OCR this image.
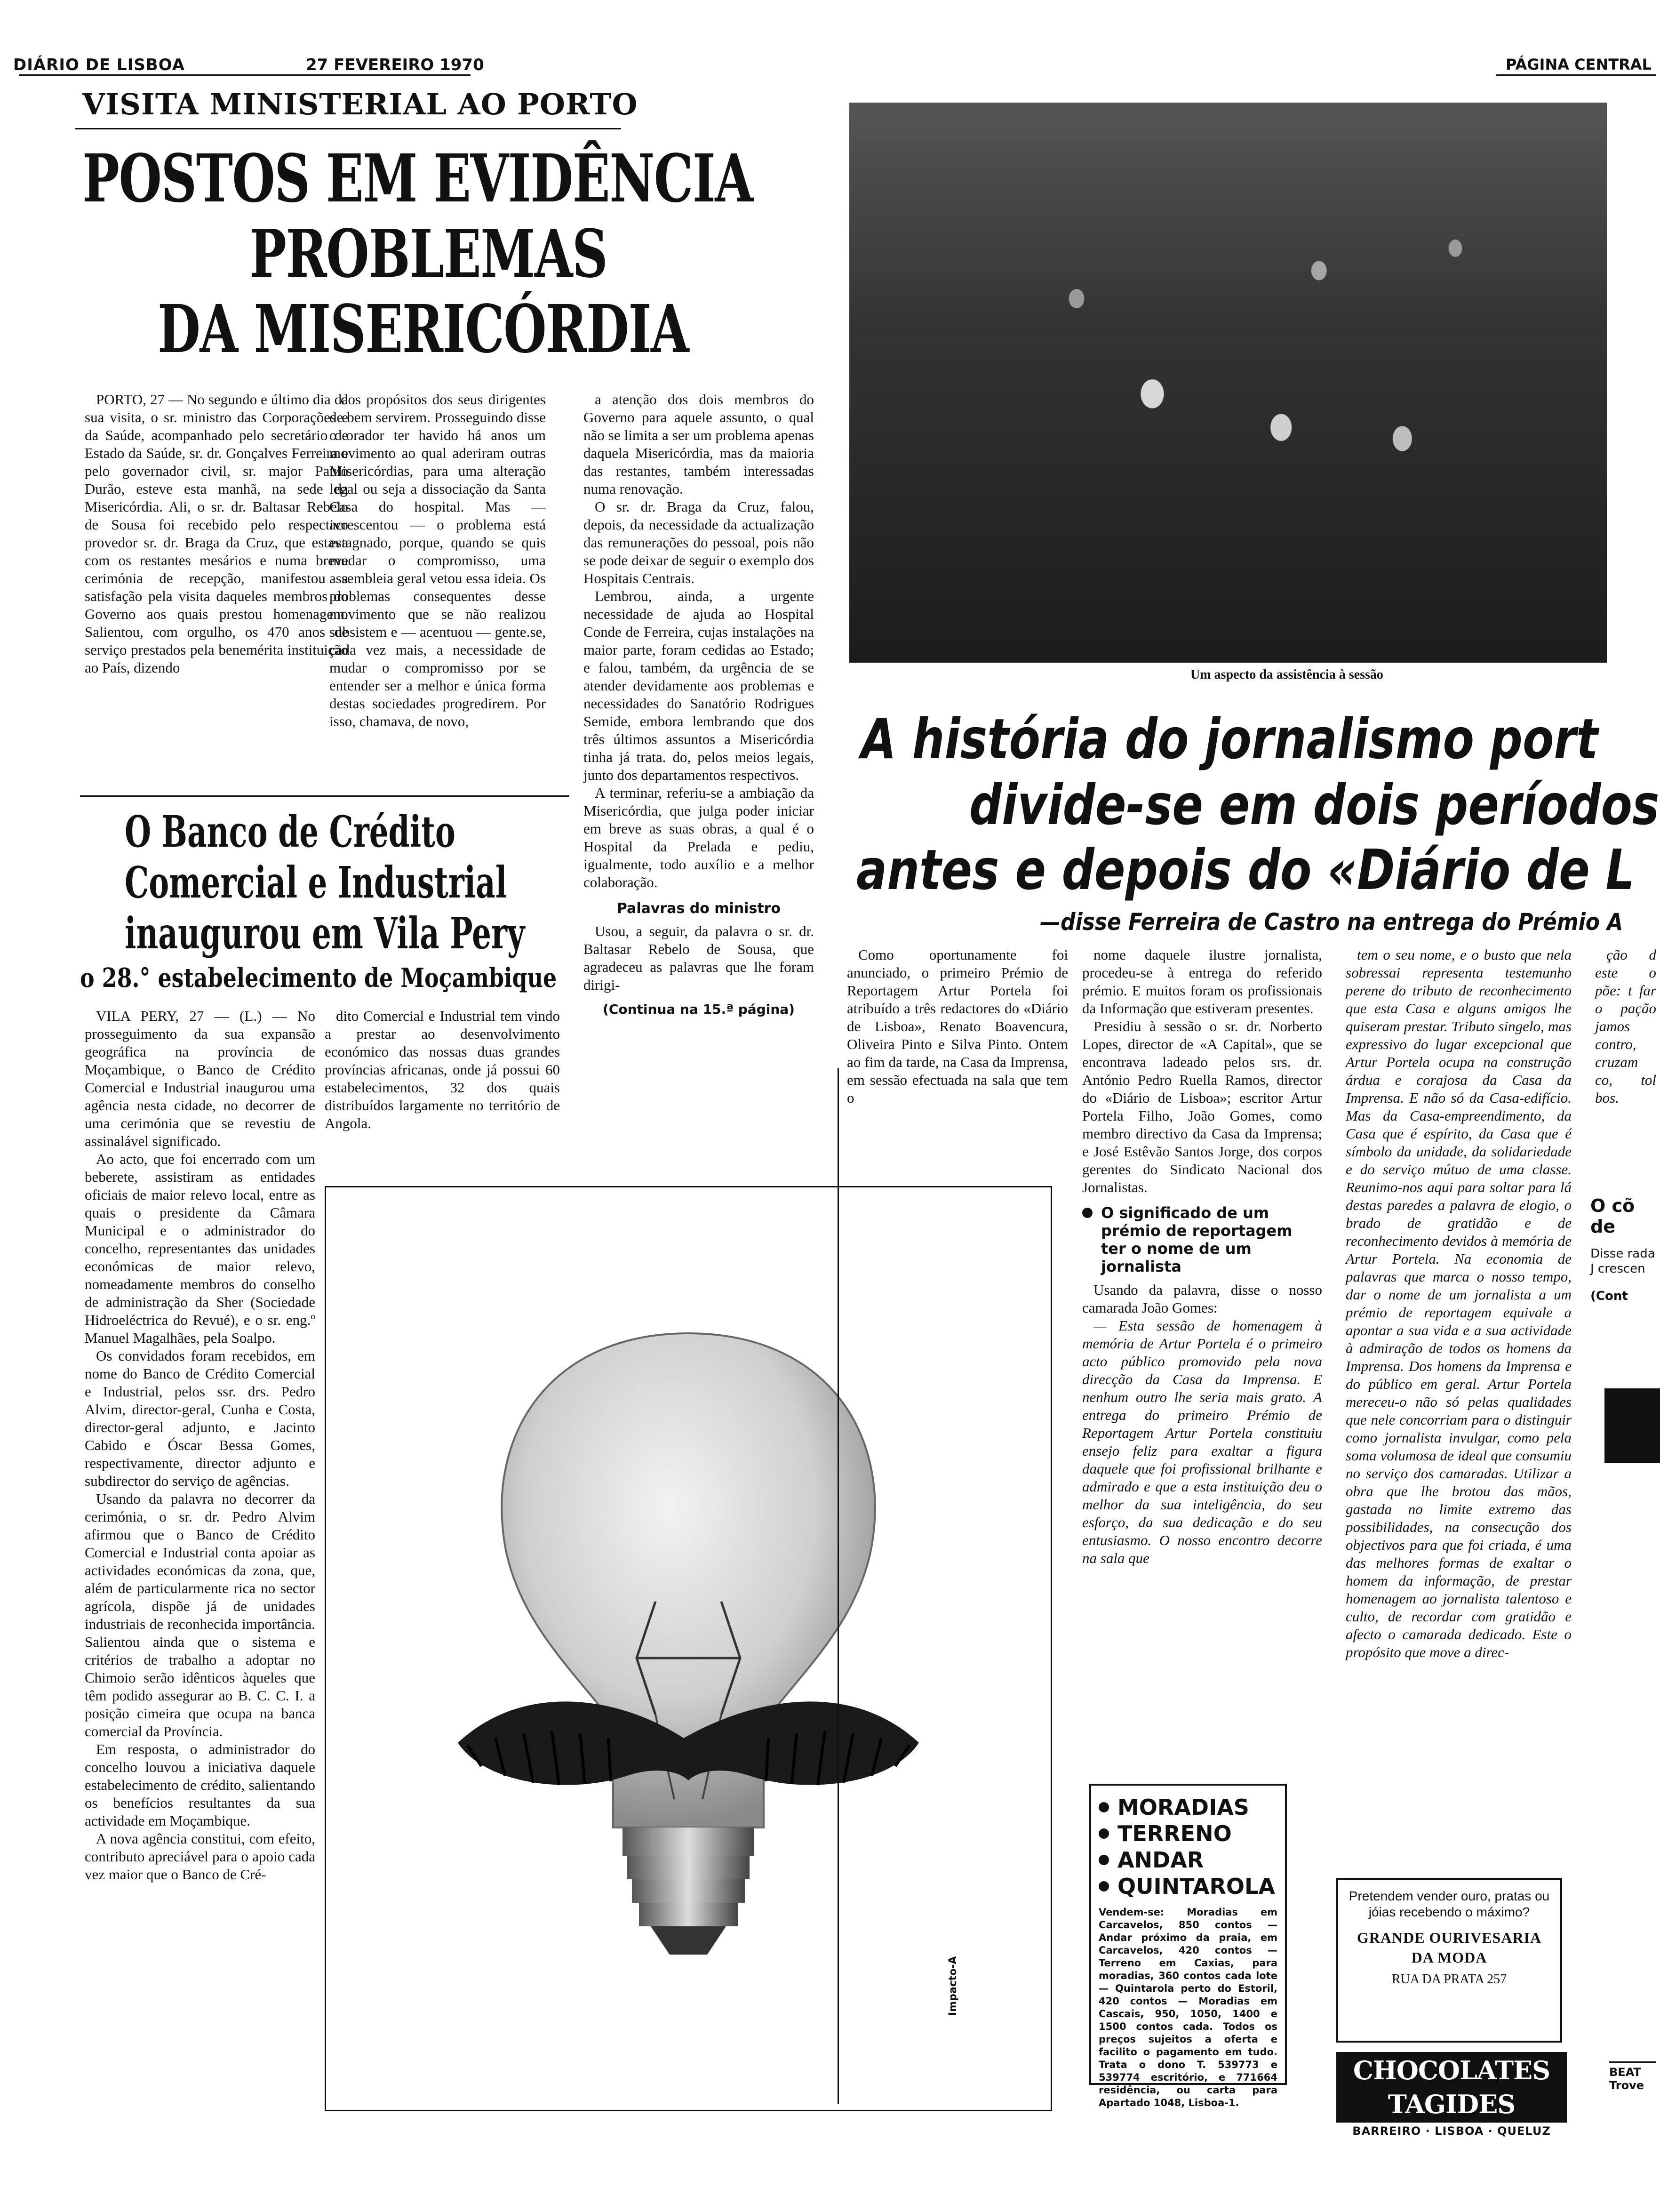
DIÁRIO DE LISBOA	27 FEVEREIRO 1970	PÁGINA CENTRAL
VISITA MINISTERIAL AO PORTO
POSTOS EM EVIDÊNCIA
PROBLEMAS
DA MISERICÓRDIA

PORTO, 27 — No segundo e último dia da sua visita, o sr. ministro das Corporações e da Saúde, acompanhado pelo secretário de Estado da Saúde, sr. dr. Gonçalves Ferreira e pelo governador civil, sr. major Paulo Durão, esteve esta manhã, na sede da Misericórdia. Ali, o sr. dr. Baltasar Rebelo de Sousa foi recebido pelo respectivo provedor sr. dr. Braga da Cruz, que estava com os restantes mesários e numa breve cerimónia de recepção, manifestou a satisfação pela visita daqueles membros do Governo aos quais prestou homenagem. Salientou, com orgulho, os 470 anos de serviço prestados pela benemérita instituição ao País, dizendo

dos propósitos dos seus dirigentes de bem servirem. Prosseguindo disse o orador ter havido há anos um movimento ao qual aderiram outras Misericórdias, para uma alteração legal ou seja a dissociação da Santa Casa do hospital. Mas — acrescentou — o problema está estagnado, porque, quando se quis mudar o compromisso, uma assembleia geral vetou essa ideia. Os problemas consequentes desse movimento que se não realizou subsistem e — acentuou — gente.se, cada vez mais, a necessidade de mudar o compromisso por se entender ser a melhor e única forma destas sociedades progredirem. Por isso, chamava, de novo,

a atenção dos dois membros do Governo para aquele assunto, o qual não se limita a ser um problema apenas daquela Misericórdia, mas da maioria das restantes, também interessadas numa renovação.

O sr. dr. Braga da Cruz, falou, depois, da necessidade da actualização das remunerações do pessoal, pois não se pode deixar de seguir o exemplo dos Hospitais Centrais.

Lembrou, ainda, a urgente necessidade de ajuda ao Hospital Conde de Ferreira, cujas instalações na maior parte, foram cedidas ao Estado; e falou, também, da urgência de se atender devidamente aos problemas e necessidades do Sanatório Rodrigues Semide, embora lembrando que dos três últimos assuntos a Misericórdia tinha já trata. do, pelos meios legais, junto dos departamentos respectivos.

A terminar, referiu-se a ambiação da Misericórdia, que julga poder iniciar em breve as suas obras, a qual é o Hospital da Prelada e pediu, igualmente, todo auxílio e a melhor colaboração.

Palavras do ministro

Usou, a seguir, da palavra o sr. dr. Baltasar Rebelo de Sousa, que agradeceu as palavras que lhe foram dirigi-

(Continua na 15.ª página)
O Banco de Crédito
Comercial e Industrial
inaugurou em Vila Pery
o 28.° estabelecimento de Moçambique

VILA PERY, 27 — (L.) — No prosseguimento da sua expansão geográfica na província de Moçambique, o Banco de Crédito Comercial e Industrial inaugurou uma agência nesta cidade, no decorrer de uma cerimónia que se revestiu de assinalável significado.

Ao acto, que foi encerrado com um beberete, assistiram as entidades oficiais de maior relevo local, entre as quais o presidente da Câmara Municipal e o administrador do concelho, representantes das unidades económicas de maior relevo, nomeadamente membros do conselho de administração da Sher (Sociedade Hidroeléctrica do Revué), e o sr. eng.º Manuel Magalhães, pela Soalpo.

Os convidados foram recebidos, em nome do Banco de Crédito Comercial e Industrial, pelos ssr. drs. Pedro Alvim, director-geral, Cunha e Costa, director-geral adjunto, e Jacinto Cabido e Óscar Bessa Gomes, respectivamente, director adjunto e subdirector do serviço de agências.

Usando da palavra no decorrer da cerimónia, o sr. dr. Pedro Alvim afirmou que o Banco de Crédito Comercial e Industrial conta apoiar as actividades económicas da zona, que, além de particularmente rica no sector agrícola, dispõe já de unidades industriais de reconhecida importância. Salientou ainda que o sistema e critérios de trabalho a adoptar no Chimoio serão idênticos àqueles que têm podido assegurar ao B. C. C. I. a posição cimeira que ocupa na banca comercial da Província.

Em resposta, o administrador do concelho louvou a iniciativa daquele estabelecimento de crédito, salientando os benefícios resultantes da sua actividade em Moçambique.

A nova agência constitui, com efeito, contributo apreciável para o apoio cada vez maior que o Banco de Cré-

dito Comercial e Industrial tem vindo a prestar ao desenvolvimento económico das nossas duas grandes províncias africanas, onde já possui 60 estabelecimentos, 32 dos quais distribuídos largamente no território de Angola.

Impacto-A
Um aspecto da assistência à sessão
A história do jornalismo port
divide-se em dois períodos
antes e depois do «Diário de L
—disse Ferreira de Castro na entrega do Prémio A

Como oportunamente foi anunciado, o primeiro Prémio de Reportagem Artur Portela foi atribuído a três redactores do «Diário de Lisboa», Renato Boavencura, Oliveira Pinto e Silva Pinto. Ontem ao fim da tarde, na Casa da Imprensa, em sessão efectuada na sala que tem o

nome daquele ilustre jornalista, procedeu-se à entrega do referido prémio. E muitos foram os profissionais da Informação que estiveram presentes.

Presidiu à sessão o sr. dr. Norberto Lopes, director de «A Capital», que se encontrava ladeado pelos srs. dr. António Pedro Ruella Ramos, director do «Diário de Lisboa»; escritor Artur Portela Filho, João Gomes, como membro directivo da Casa da Imprensa; e José Estêvão Santos Jorge, dos corpos gerentes do Sindicato Nacional dos Jornalistas.

O significado de um prémio de reportagem ter o nome de um jornalista

Usando da palavra, disse o nosso camarada João Gomes:

— Esta sessão de homenagem à memória de Artur Portela é o primeiro acto público promovido pela nova direcção da Casa da Imprensa. E nenhum outro lhe seria mais grato. A entrega do primeiro Prémio de Reportagem Artur Portela constituiu ensejo feliz para exaltar a figura daquele que foi profissional brilhante e admirado e que a esta instituição deu o melhor da sua inteligência, do seu esforço, da sua dedicação e do seu entusiasmo. O nosso encontro decorre na sala que

tem o seu nome, e o busto que nela sobressai representa testemunho perene do tributo de reconhecimento que esta Casa e alguns amigos lhe quiseram prestar. Tributo singelo, mas expressivo do lugar excepcional que Artur Portela ocupa na construção árdua e corajosa da Casa da Imprensa. E não só da Casa-edifício. Mas da Casa-empreendimento, da Casa que é espírito, da Casa que é símbolo da unidade, da solidariedade e do serviço mútuo de uma classe. Reunimo-nos aqui para soltar para lá destas paredes a palavra de elogio, o brado de gratidão e de reconhecimento devidos à memória de Artur Portela. Na economia de palavras que marca o nosso tempo, dar o nome de um jornalista a um prémio de reportagem equivale a apontar a sua vida e a sua actividade à admiração de todos os homens da Imprensa. Dos homens da Imprensa e do público em geral. Artur Portela mereceu-o não só pelas qualidades que nele concorriam para o distinguir como jornalista invulgar, como pela soma volumosa de ideal que consumiu no serviço dos camaradas. Utilizar a obra que lhe brotou das mãos, gastada no limite extremo das possibilidades, na consecução dos objectivos para que foi criada, é uma das melhores formas de exaltar o homem da informação, de prestar homenagem ao jornalista talentoso e culto, de recordar com gratidão e afecto o camarada dedicado. Este o propósito que move a direc-

ção d este o põe: t far o pação jamos contro, cruzam co, tol bos.

O cõ de
Disse rada J crescen
(Cont
BEAT Trove
MORADIAS
TERRENO
ANDAR
QUINTAROLA
Vendem-se: Moradias em Carcavelos, 850 contos — Andar próximo da praia, em Carcavelos, 420 contos — Terreno em Caxias, para moradias, 360 contos cada lote — Quintarola perto do Estoril, 420 contos — Moradias em Cascais, 950, 1050, 1400 e 1500 contos cada. Todos os preços sujeitos a oferta e facilito o pagamento em tudo. Trata o dono T. 539773 e 539774 escritório, e 771664 residência, ou carta para Apartado 1048, Lisboa-1.
Pretendem vender ouro, pratas ou jóias recebendo o máximo?
GRANDE OURIVESARIA DA MODA
RUA DA PRATA 257
CHOCOLATES TAGIDES
BARREIRO · LISBOA · QUELUZ
